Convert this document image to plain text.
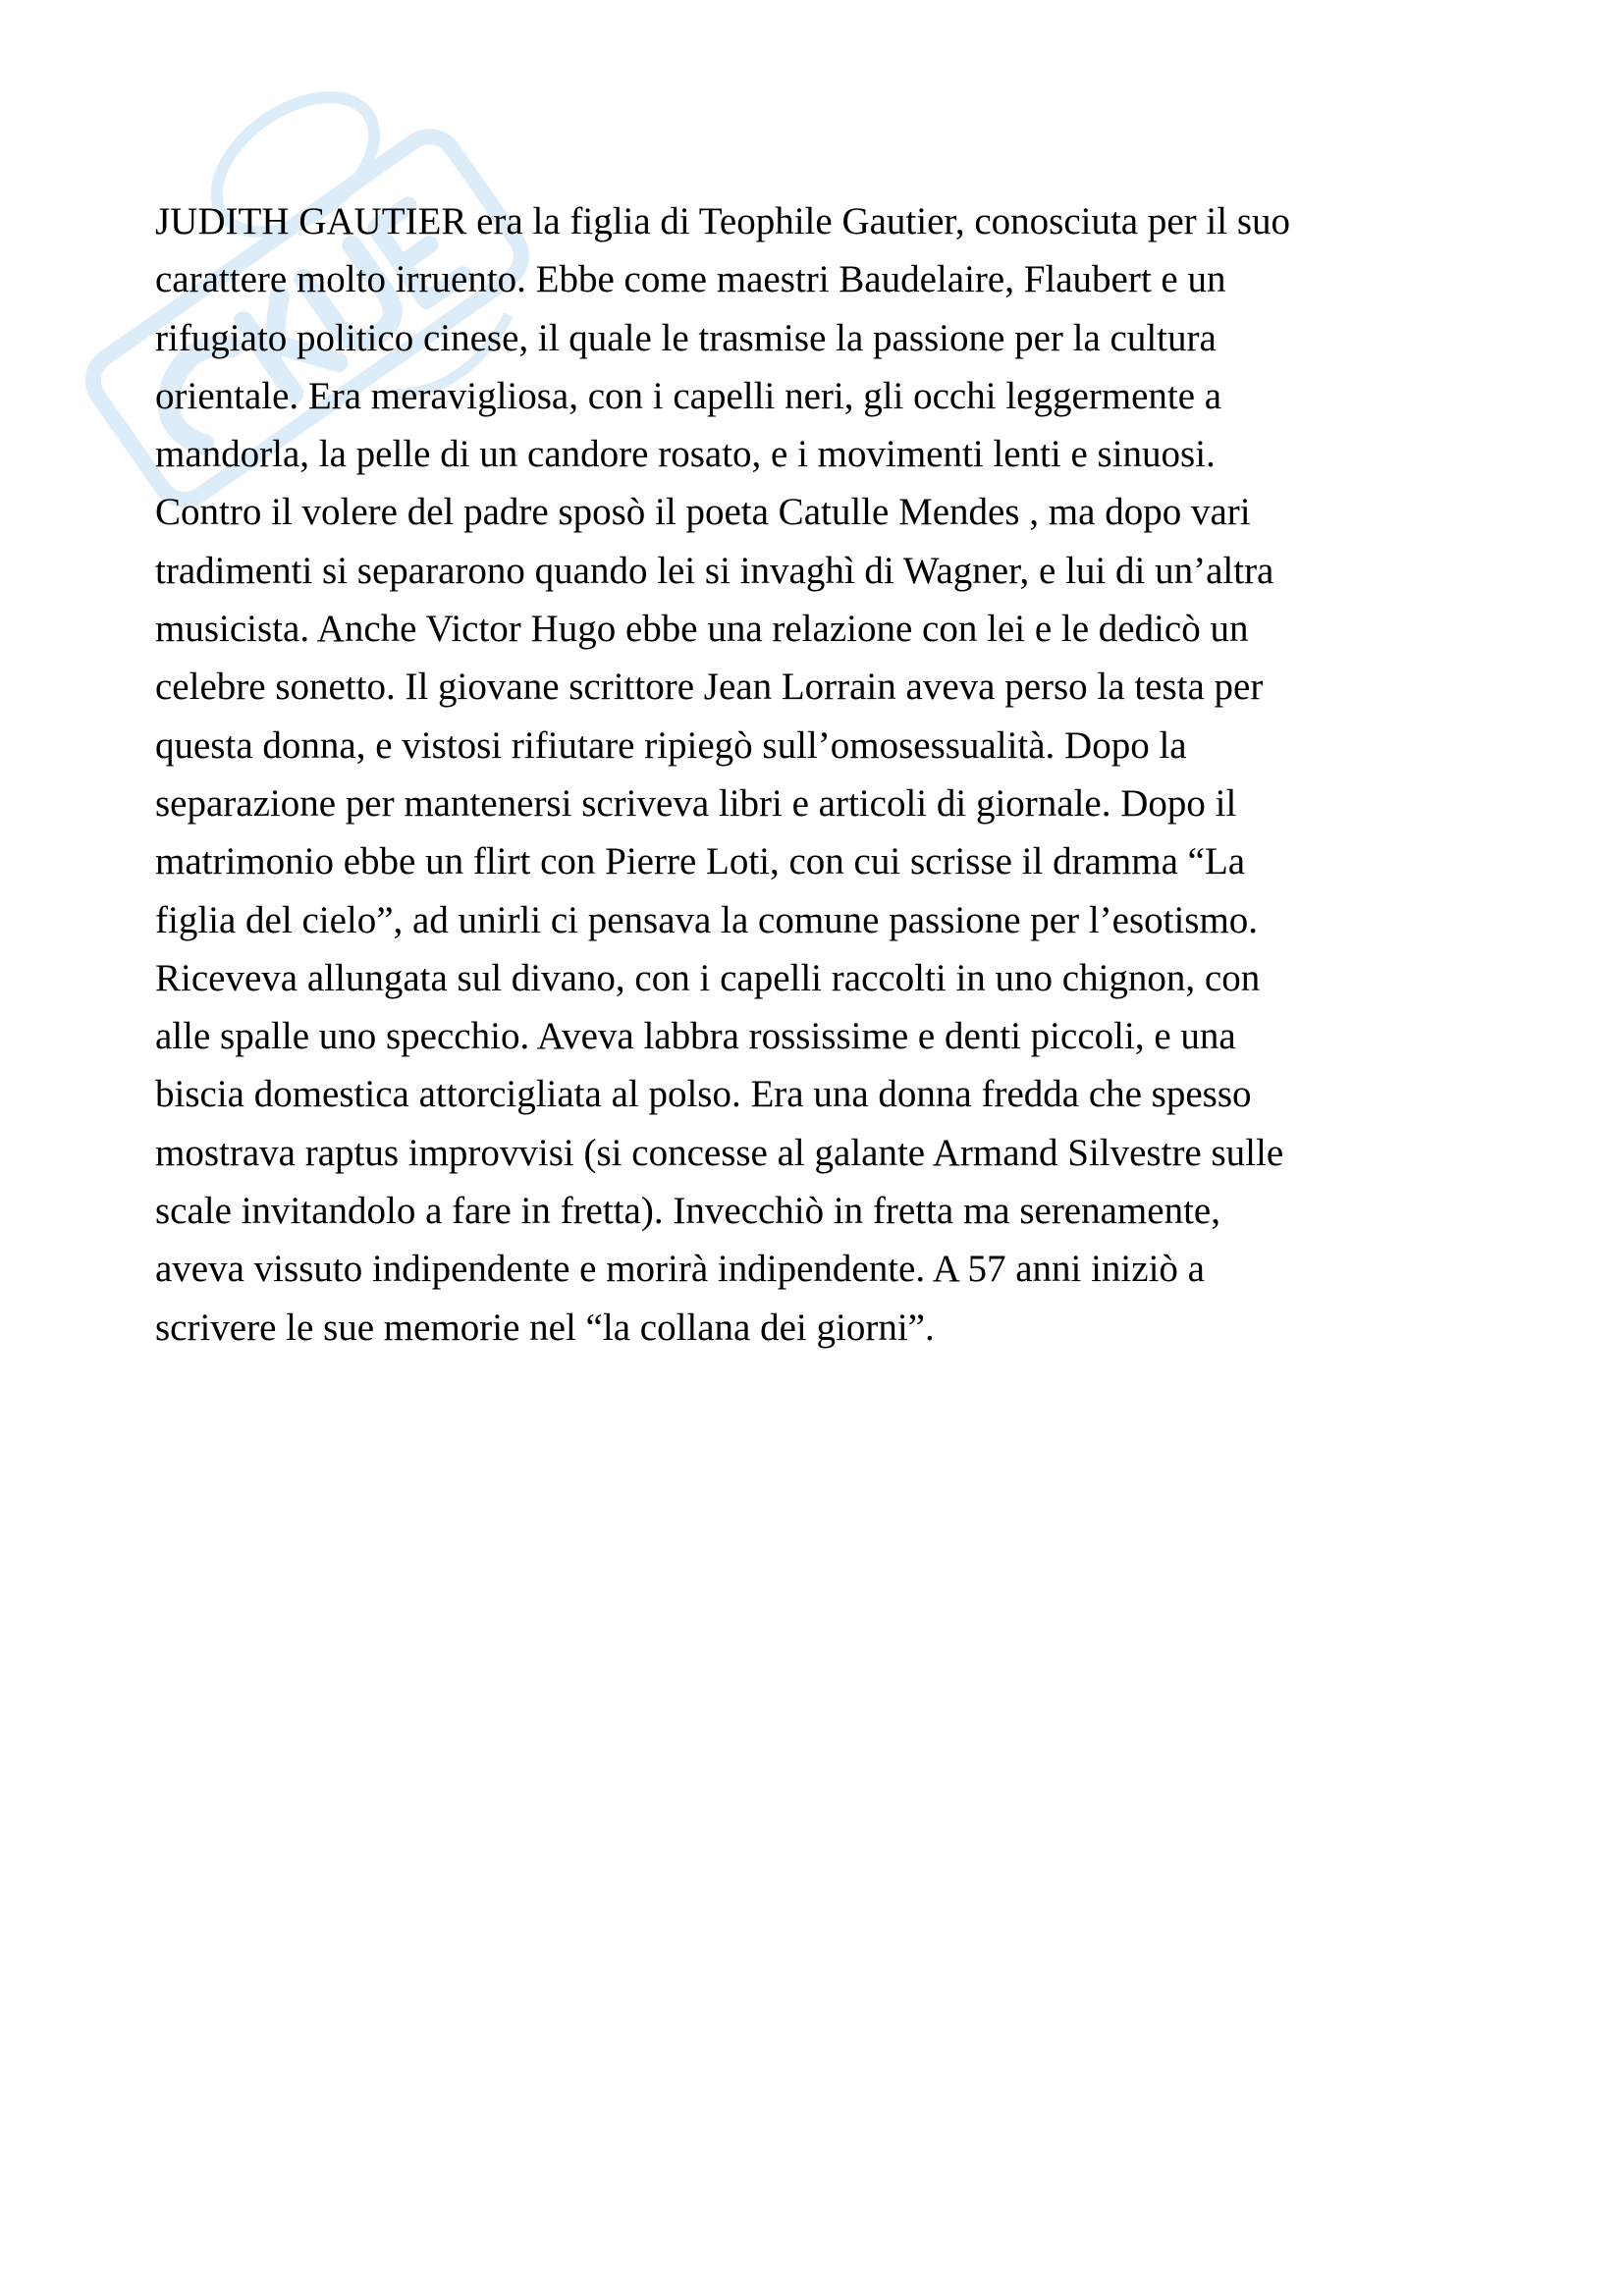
JUDITH GAUTIER era la figlia di Teophile Gautier, conosciuta per il suo
carattere molto irruento. Ebbe come maestri Baudelaire, Flaubert e un
rifugiato politico cinese, il quale le trasmise la passione per la cultura
orientale. Era meravigliosa, con i capelli neri, gli occhi leggermente a
mandorla, la pelle di un candore rosato, e i movimenti lenti e sinuosi.
Contro il volere del padre sposò il poeta Catulle Mendes , ma dopo vari
tradimenti si separarono quando lei si invaghì di Wagner, e lui di un’altra
musicista. Anche Victor Hugo ebbe una relazione con lei e le dedicò un
celebre sonetto. Il giovane scrittore Jean Lorrain aveva perso la testa per
questa donna, e vistosi rifiutare ripiegò sull’omosessualità. Dopo la
separazione per mantenersi scriveva libri e articoli di giornale. Dopo il
matrimonio ebbe un flirt con Pierre Loti, con cui scrisse il dramma “La
figlia del cielo”, ad unirli ci pensava la comune passione per l’esotismo.
Riceveva allungata sul divano, con i capelli raccolti in uno chignon, con
alle spalle uno specchio. Aveva labbra rossissime e denti piccoli, e una
biscia domestica attorcigliata al polso. Era una donna fredda che spesso
mostrava raptus improvvisi (si concesse al galante Armand Silvestre sulle
scale invitandolo a fare in fretta). Invecchiò in fretta ma serenamente,
aveva vissuto indipendente e morirà indipendente. A 57 anni iniziò a
scrivere le sue memorie nel “la collana dei giorni”.
